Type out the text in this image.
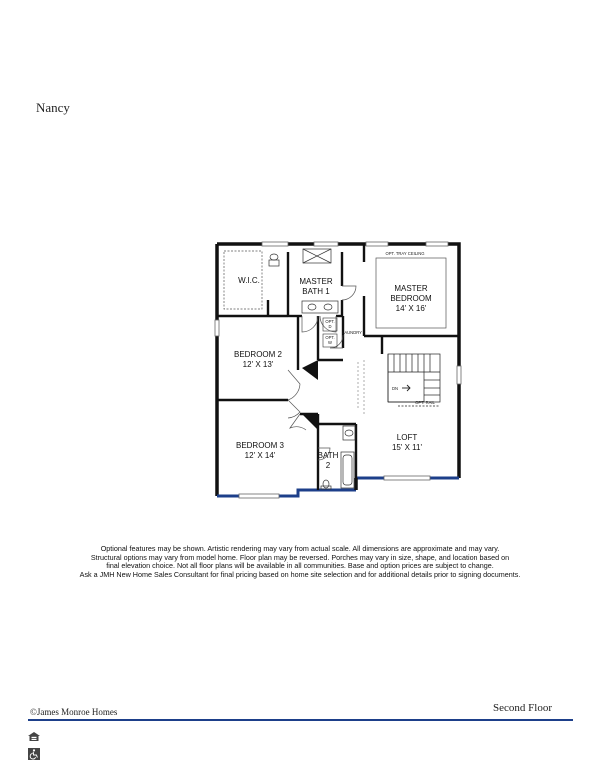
Nancy
W.I.C.	MASTER
BATH 1	MASTER
BEDROOM
14' X 16'
BEDROOM 2
12' X 13'
BEDROOM 3
12' X 14'	BATH
2
LOFT
15' X 11'
LAUNDRY
DN
OPT. TRAY CEILING
OPT. RAIL
OPT.
D
OPT.
W

Optional features may be shown. Artistic rendering may vary from actual scale. All dimensions are approximate and may vary.
Structural options may vary from model home. Floor plan may be reversed. Porches may vary in size, shape, and location based on
final elevation choice. Not all floor plans will be available in all communities. Base and option prices are subject to change.
Ask a JMH New Home Sales Consultant for final pricing based on home site selection and for additional details prior to signing documents.

©James Monroe Homes	Second Floor
